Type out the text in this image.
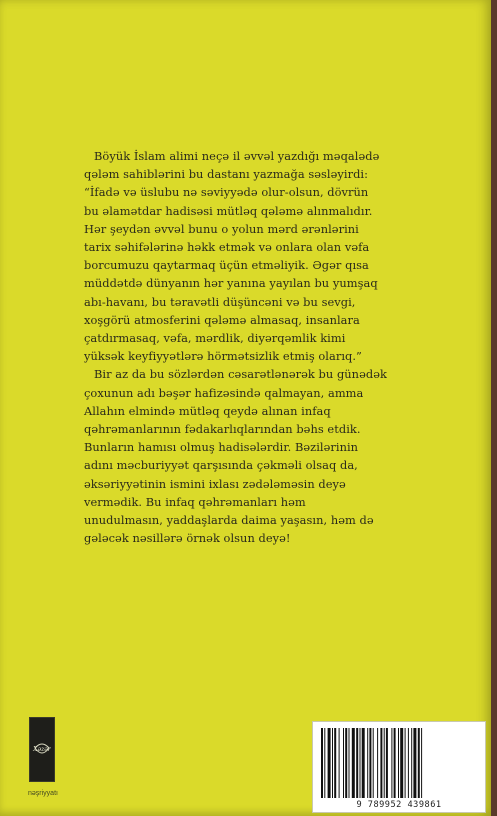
Böyük İslam alimi neçə il əvvəl yazdığı məqalədə

qələm sahiblərini bu dastanı yazmağa səsləyirdi:

“İfadə və üslubu nə səviyyədə olur-olsun, dövrün

bu əlamətdar hadisəsi mütləq qələmə alınmalıdır.

Hər şeydən əvvəl bunu o yolun mərd ərənlərini

tarix səhifələrinə həkk etmək və onlara olan vəfa

borcumuzu qaytarmaq üçün etməliyik. Əgər qısa

müddətdə dünyanın hər yanına yayılan bu yumşaq

abı-havanı, bu təravətli düşüncəni və bu sevgi,

xoşgörü atmosferini qələmə almasaq, insanlara

çatdırmasaq, vəfa, mərdlik, diyərqəmlik kimi

yüksək keyfiyyətlərə hörmətsizlik etmiş olarıq.”

Bir az da bu sözlərdən cəsarətlənərək bu günədək

çoxunun adı bəşər hafizəsində qalmayan, amma

Allahın elmində mütləq qeydə alınan infaq

qəhrəmanlarının fədakarlıqlarından bəhs etdik.

Bunların hamısı olmuş hadisələrdir. Bəzilərinin

adını məcburiyyət qarşısında çəkməli olsaq da,

əksəriyyətinin ismini ixlası zədələməsin deyə

vermədik. Bu infaq qəhrəmanları həm

unudulmasın, yaddaşlarda daima yaşasın, həm də

gələcək nəsillərə örnək olsun deyə!

Xəzər
nəşriyyatı
9 789952 439861
